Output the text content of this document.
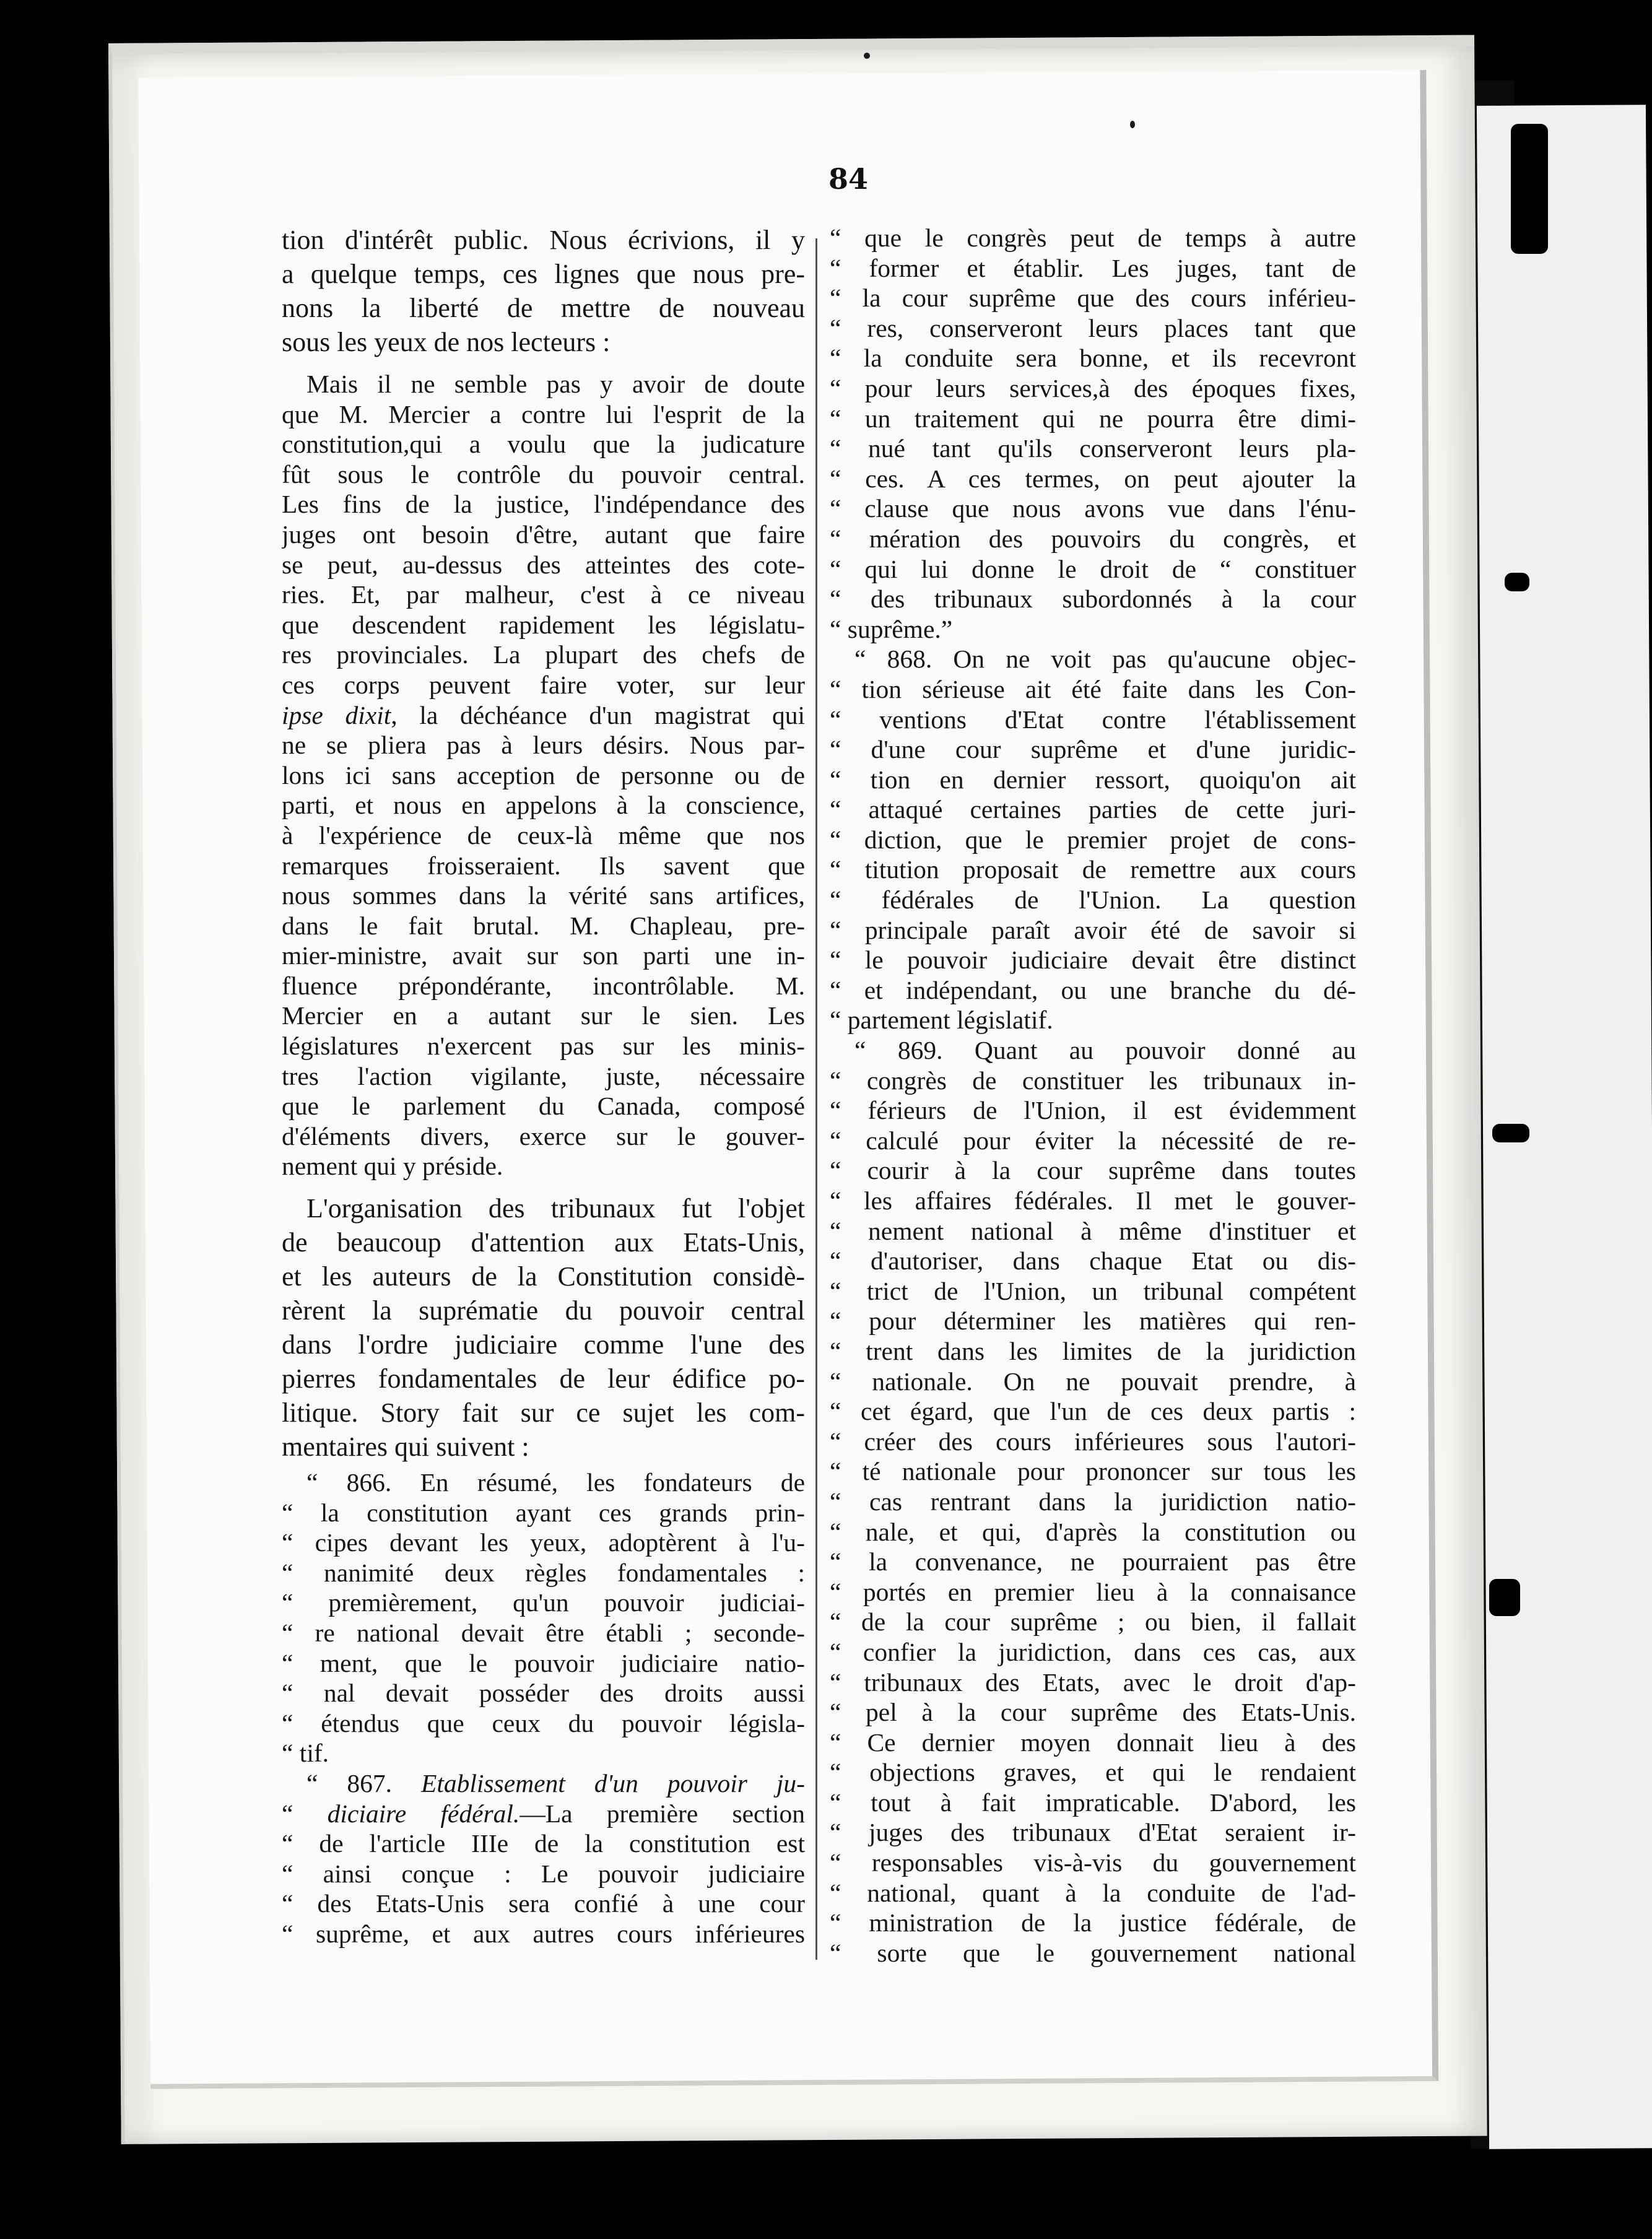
84
tion d'intérêt public. Nous écrivions, il y
a quelque temps, ces lignes que nous pre-
nons la liberté de mettre de nouveau
sous les yeux de nos lecteurs :
Mais il ne semble pas y avoir de doute
que M. Mercier a contre lui l'esprit de la
constitution,qui a voulu que la judicature
fût sous le contrôle du pouvoir central.
Les fins de la justice, l'indépendance des
juges ont besoin d'être, autant que faire
se peut, au-dessus des atteintes des cote-
ries. Et, par malheur, c'est à ce niveau
que descendent rapidement les législatu-
res provinciales. La plupart des chefs de
ces corps peuvent faire voter, sur leur
ipse dixit, la déchéance d'un magistrat qui
ne se pliera pas à leurs désirs. Nous par-
lons ici sans acception de personne ou de
parti, et nous en appelons à la conscience,
à l'expérience de ceux-là même que nos
remarques froisseraient. Ils savent que
nous sommes dans la vérité sans artifices,
dans le fait brutal. M. Chapleau, pre-
mier-ministre, avait sur son parti une in-
fluence prépondérante, incontrôlable. M.
Mercier en a autant sur le sien. Les
législatures n'exercent pas sur les minis-
tres l'action vigilante, juste, nécessaire
que le parlement du Canada, composé
d'éléments divers, exerce sur le gouver-
nement qui y préside.
L'organisation des tribunaux fut l'objet
de beaucoup d'attention aux Etats-Unis,
et les auteurs de la Constitution considè-
rèrent la suprématie du pouvoir central
dans l'ordre judiciaire comme l'une des
pierres fondamentales de leur édifice po-
litique. Story fait sur ce sujet les com-
mentaires qui suivent :
“ 866. En résumé, les fondateurs de
“ la constitution ayant ces grands prin-
“ cipes devant les yeux, adoptèrent à l'u-
“ nanimité deux règles fondamentales :
“ premièrement, qu'un pouvoir judiciai-
“ re national devait être établi ; seconde-
“ ment, que le pouvoir judiciaire natio-
“ nal devait posséder des droits aussi
“ étendus que ceux du pouvoir législa-
“ tif.
“ 867. Etablissement d'un pouvoir ju-
“ diciaire fédéral.—La première section
“ de l'article IIIe de la constitution est
“ ainsi conçue : Le pouvoir judiciaire
“ des Etats-Unis sera confié à une cour
“ suprême, et aux autres cours inférieures
“ que le congrès peut de temps à autre
“ former et établir. Les juges, tant de
“ la cour suprême que des cours inférieu-
“ res, conserveront leurs places tant que
“ la conduite sera bonne, et ils recevront
“ pour leurs services,à des époques fixes,
“ un traitement qui ne pourra être dimi-
“ nué tant qu'ils conserveront leurs pla-
“ ces. A ces termes, on peut ajouter la
“ clause que nous avons vue dans l'énu-
“ mération des pouvoirs du congrès, et
“ qui lui donne le droit de “ constituer
“ des tribunaux subordonnés à la cour
“ suprême.”
“ 868. On ne voit pas qu'aucune objec-
“ tion sérieuse ait été faite dans les Con-
“ ventions d'Etat contre l'établissement
“ d'une cour suprême et d'une juridic-
“ tion en dernier ressort, quoiqu'on ait
“ attaqué certaines parties de cette juri-
“ diction, que le premier projet de cons-
“ titution proposait de remettre aux cours
“ fédérales de l'Union. La question
“ principale paraît avoir été de savoir si
“ le pouvoir judiciaire devait être distinct
“ et indépendant, ou une branche du dé-
“ partement législatif.
“ 869. Quant au pouvoir donné au
“ congrès de constituer les tribunaux in-
“ férieurs de l'Union, il est évidemment
“ calculé pour éviter la nécessité de re-
“ courir à la cour suprême dans toutes
“ les affaires fédérales. Il met le gouver-
“ nement national à même d'instituer et
“ d'autoriser, dans chaque Etat ou dis-
“ trict de l'Union, un tribunal compétent
“ pour déterminer les matières qui ren-
“ trent dans les limites de la juridiction
“ nationale. On ne pouvait prendre, à
“ cet égard, que l'un de ces deux partis :
“ créer des cours inférieures sous l'autori-
“ té nationale pour prononcer sur tous les
“ cas rentrant dans la juridiction natio-
“ nale, et qui, d'après la constitution ou
“ la convenance, ne pourraient pas être
“ portés en premier lieu à la connaisance
“ de la cour suprême ; ou bien, il fallait
“ confier la juridiction, dans ces cas, aux
“ tribunaux des Etats, avec le droit d'ap-
“ pel à la cour suprême des Etats-Unis.
“ Ce dernier moyen donnait lieu à des
“ objections graves, et qui le rendaient
“ tout à fait impraticable. D'abord, les
“ juges des tribunaux d'Etat seraient ir-
“ responsables vis-à-vis du gouvernement
“ national, quant à la conduite de l'ad-
“ ministration de la justice fédérale, de
“ sorte que le gouvernement national
